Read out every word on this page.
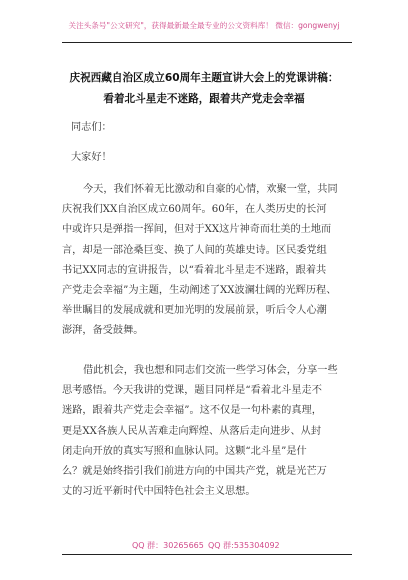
关注头条号"公文研究"，获得最新最全最专业的公文资料库！ 微信：gongwenyj
庆祝西藏自治区成立60周年主题宣讲大会上的党课讲稿：
看着北斗星走不迷路，跟着共产党走会幸福
同志们：
大家好！
今天，我们怀着无比激动和自豪的心情，欢聚一堂，共同
庆祝我们XX自治区成立60周年。60年，在人类历史的长河
中或许只是弹指一挥间，但对于XX这片神奇而壮美的土地而
言，却是一部沧桑巨变、换了人间的英雄史诗。区民委党组
书记XX同志的宣讲报告，以“看着北斗星走不迷路，跟着共
产党走会幸福”为主题，生动阐述了XX波澜壮阔的光辉历程、
举世瞩目的发展成就和更加光明的发展前景，听后令人心潮
澎湃，备受鼓舞。
借此机会，我也想和同志们交流一些学习体会，分享一些
思考感悟。今天我讲的党课，题目同样是“看着北斗星走不
迷路，跟着共产党走会幸福”。这不仅是一句朴素的真理，
更是XX各族人民从苦难走向辉煌、从落后走向进步、从封
闭走向开放的真实写照和血脉认同。这颗“北斗星”是什
么？就是始终指引我们前进方向的中国共产党，就是光芒万
丈的习近平新时代中国特色社会主义思想。
QQ 群：30265665 QQ 群:535304092
